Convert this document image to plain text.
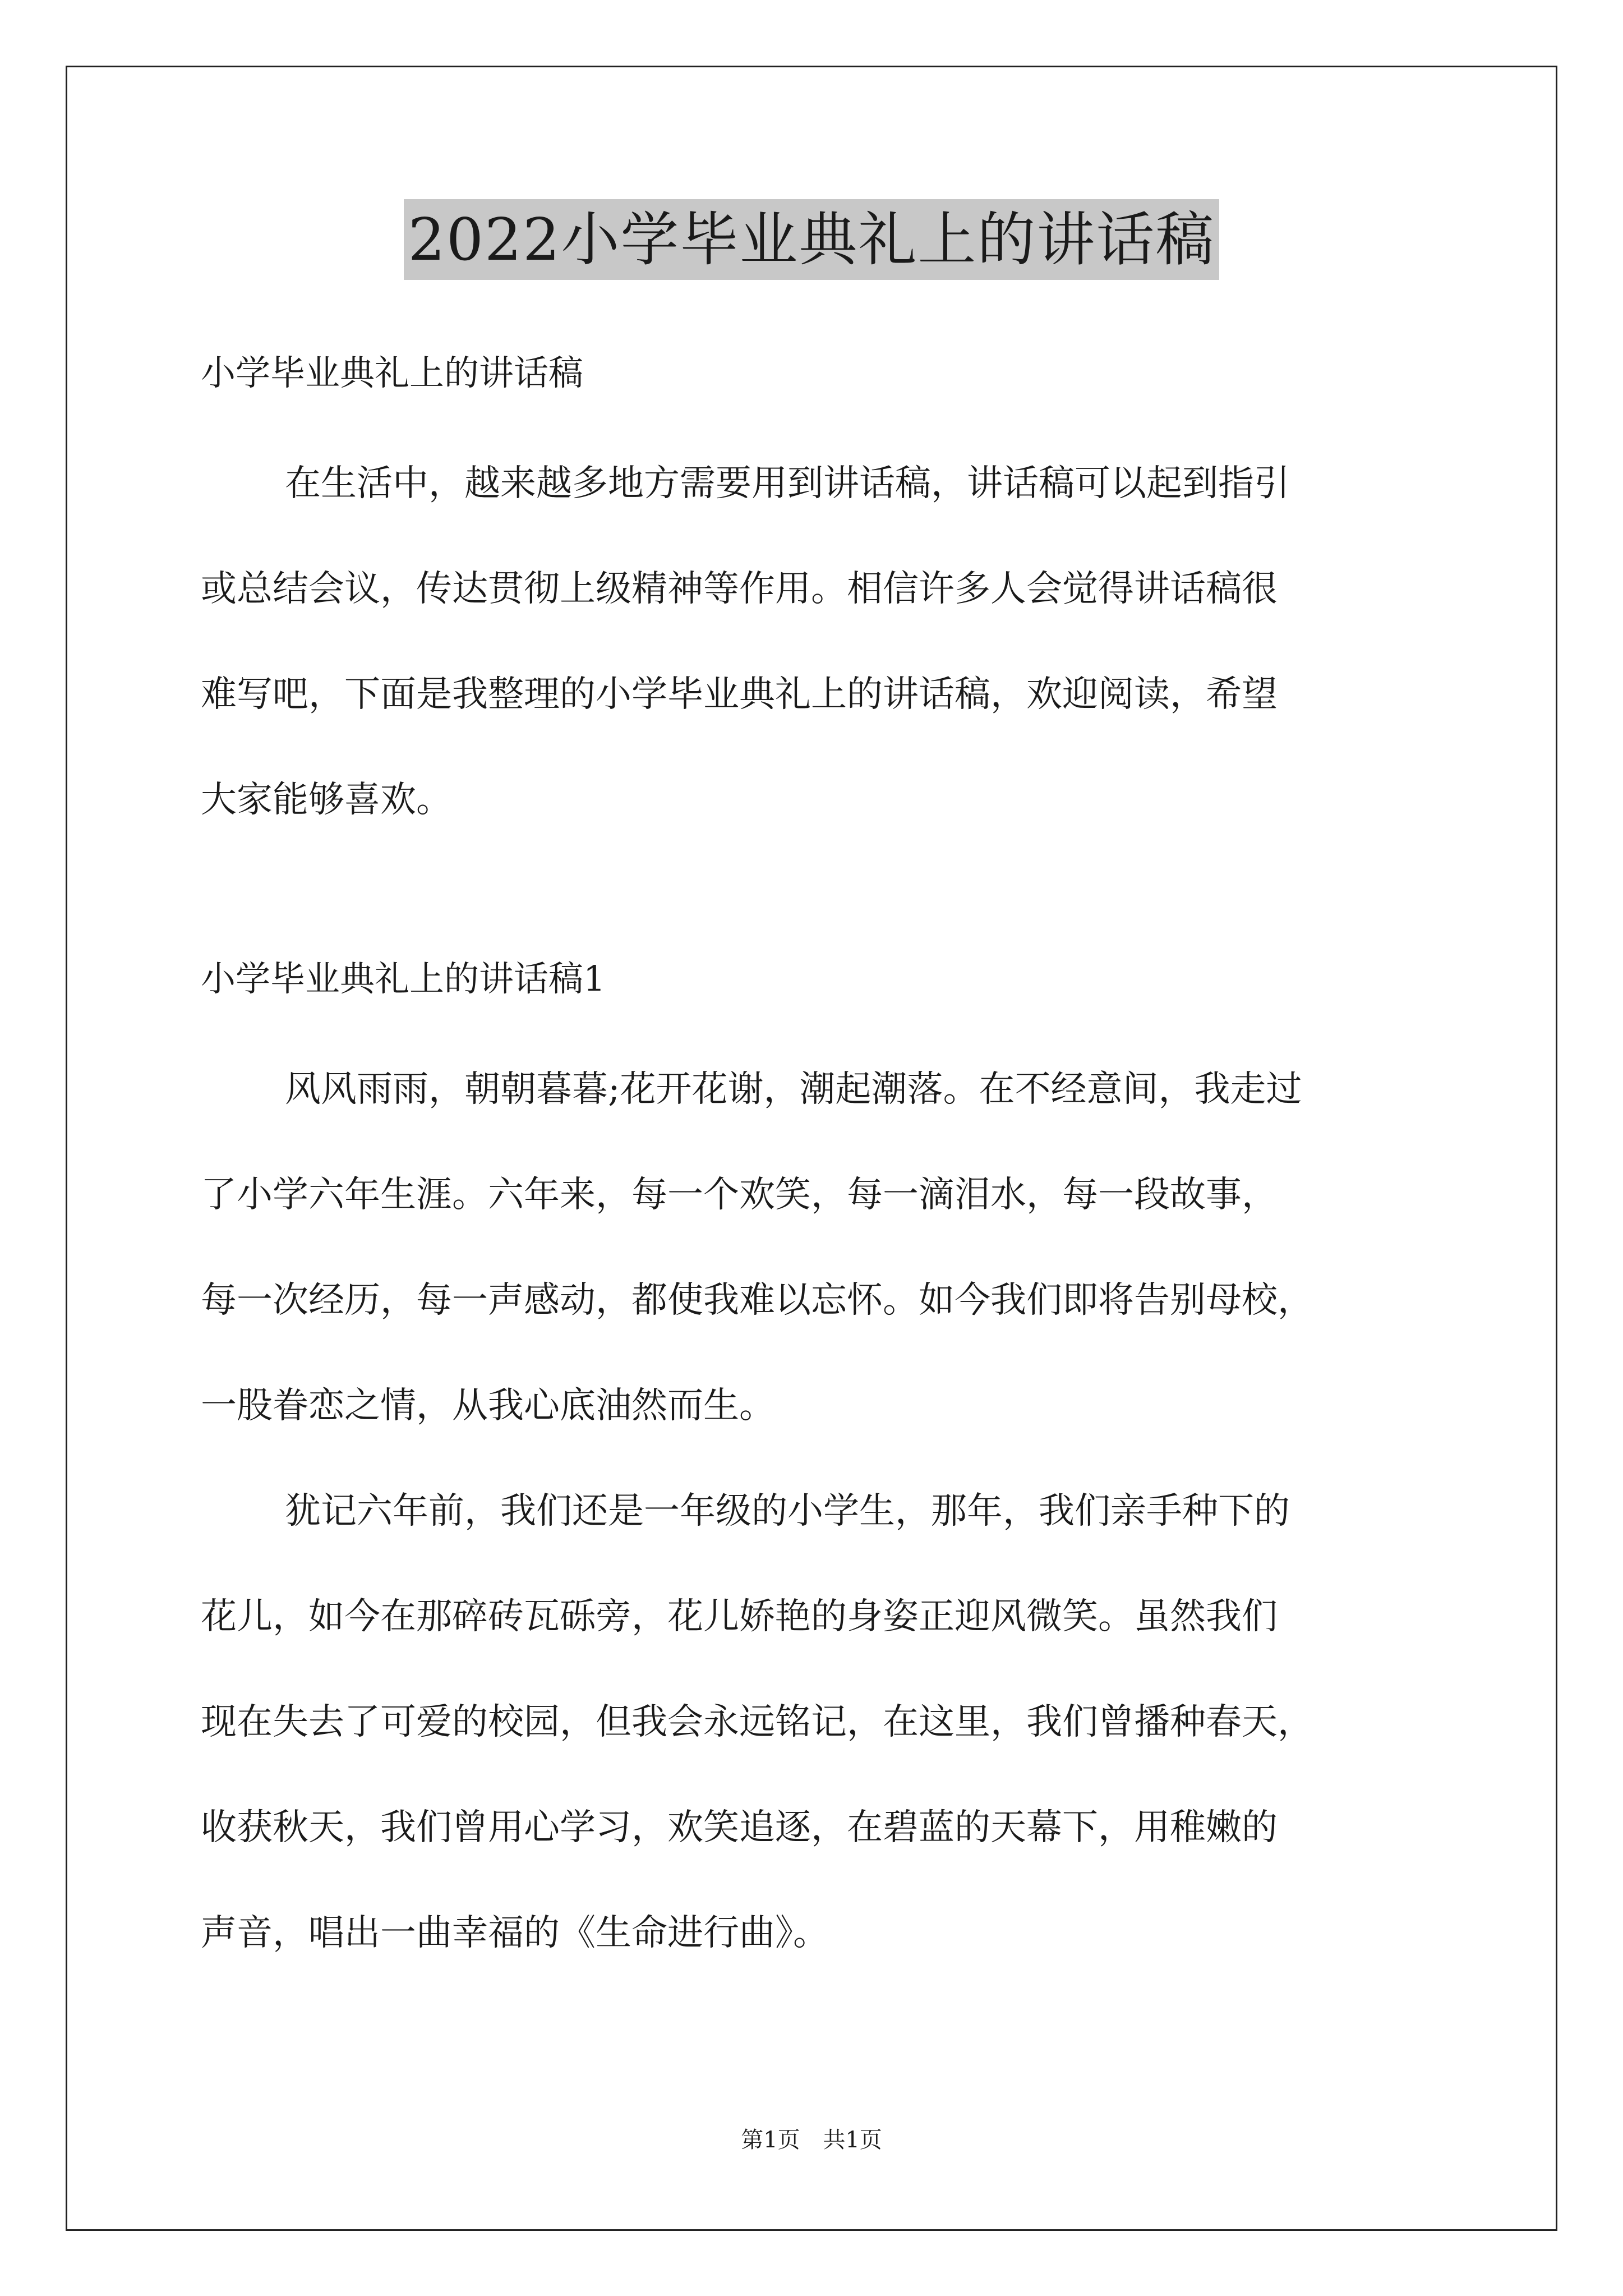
2022小学毕业典礼上的讲话稿
小学毕业典礼上的讲话稿
在生活中，越来越多地方需要用到讲话稿，讲话稿可以起到指引
或总结会议，传达贯彻上级精神等作用。相信许多人会觉得讲话稿很
难写吧，下面是我整理的小学毕业典礼上的讲话稿，欢迎阅读，希望
大家能够喜欢。
小学毕业典礼上的讲话稿1
风风雨雨，朝朝暮暮;花开花谢，潮起潮落。在不经意间，我走过
了小学六年生涯。六年来，每一个欢笑，每一滴泪水，每一段故事，
每一次经历，每一声感动，都使我难以忘怀。如今我们即将告别母校，
一股眷恋之情，从我心底油然而生。
犹记六年前，我们还是一年级的小学生，那年，我们亲手种下的
花儿，如今在那碎砖瓦砾旁，花儿娇艳的身姿正迎风微笑。虽然我们
现在失去了可爱的校园，但我会永远铭记，在这里，我们曾播种春天，
收获秋天，我们曾用心学习，欢笑追逐，在碧蓝的天幕下，用稚嫩的
声音，唱出一曲幸福的《生命进行曲》。
第1页 共1页
